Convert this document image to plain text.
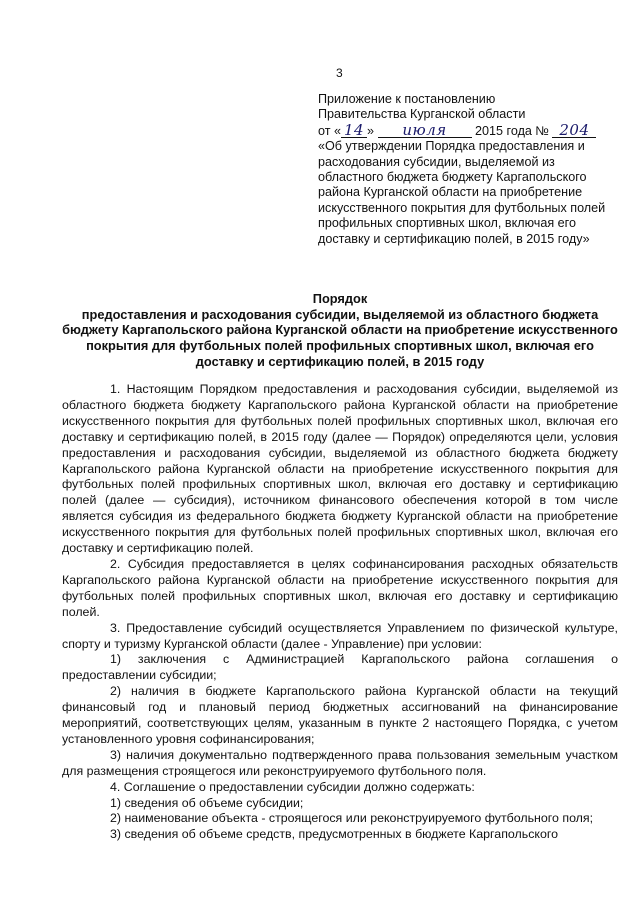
3
Приложение к постановлению
Правительства Курганской области
от « 14 » июля 2015 года № 204
«Об утверждении Порядка предоставления и расходования субсидии, выделяемой из областного бюджета бюджету Каргапольского района Курганской области на приобретение искусственного покрытия для футбольных полей профильных спортивных школ, включая его доставку и сертификацию полей, в 2015 году»
Порядок
предоставления и расходования субсидии, выделяемой из областного бюджета бюджету Каргапольского района Курганской области на приобретение искусственного покрытия для футбольных полей профильных спортивных школ, включая его доставку и сертификацию полей, в 2015 году

1. Настоящим Порядком предоставления и расходования субсидии, выделяемой из областного бюджета бюджету Каргапольского района Курганской области на приобретение искусственного покрытия для футбольных полей профильных спортивных школ, включая его доставку и сертификацию полей, в 2015 году (далее — Порядок) определяются цели, условия предоставления и расходования субсидии, выделяемой из областного бюджета бюджету Каргапольского района Курганской области на приобретение искусственного покрытия для футбольных полей профильных спортивных школ, включая его доставку и сертификацию полей (далее — субсидия), источником финансового обеспечения которой в том числе является субсидия из федерального бюджета бюджету Курганской области на приобретение искусственного покрытия для футбольных полей профильных спортивных школ, включая его доставку и сертификацию полей.

2. Субсидия предоставляется в целях софинансирования расходных обязательств Каргапольского района Курганской области на приобретение искусственного покрытия для футбольных полей профильных спортивных школ, включая его доставку и сертификацию полей.

3. Предоставление субсидий осуществляется Управлением по физической культуре, спорту и туризму Курганской области (далее - Управление) при условии:

1) заключения с Администрацией Каргапольского района соглашения о предоставлении субсидии;

2) наличия в бюджете Каргапольского района Курганской области на текущий финансовый год и плановый период бюджетных ассигнований на финансирование мероприятий, соответствующих целям, указанным в пункте 2 настоящего Порядка, с учетом установленного уровня софинансирования;

3) наличия документально подтвержденного права пользования земельным участком для размещения строящегося или реконструируемого футбольного поля.

4. Соглашение о предоставлении субсидии должно содержать:

1) сведения об объеме субсидии;

2) наименование объекта - строящегося или реконструируемого футбольного поля;

3) сведения об объеме средств, предусмотренных в бюджете Каргапольского
